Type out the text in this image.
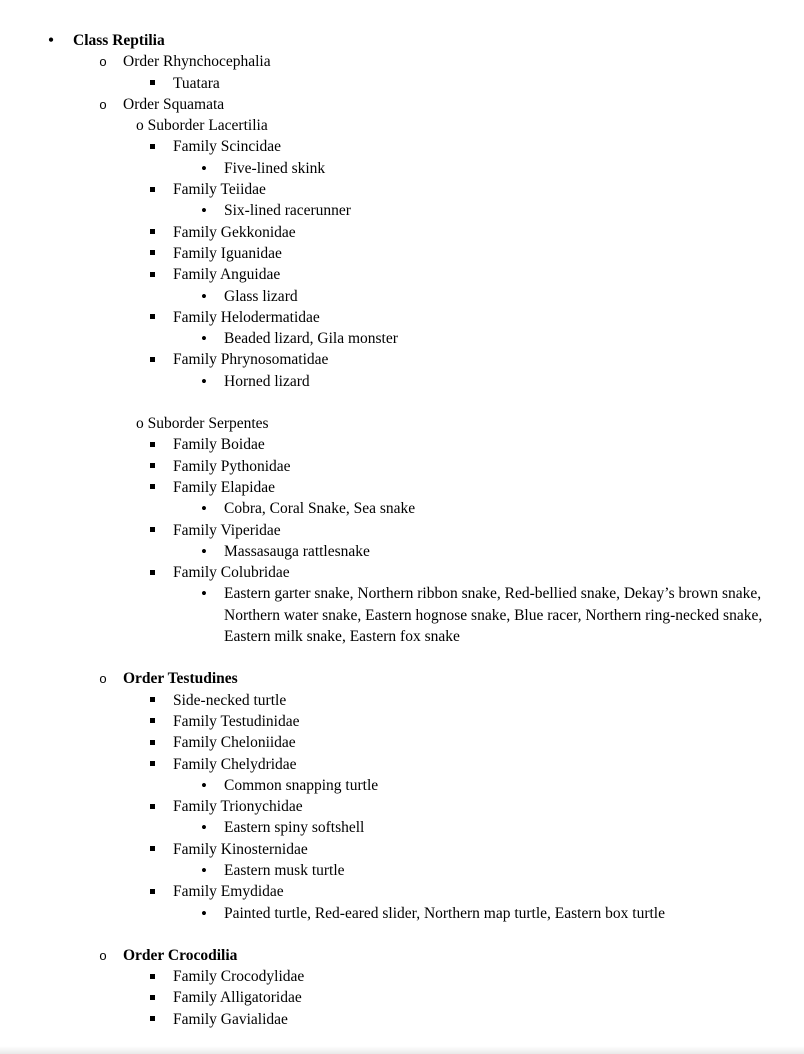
•
Class Reptilia
o
Order Rhynchocephalia
Tuatara
o
Order Squamata
o Suborder Lacertilia
Family Scincidae
•
Five-lined skink
Family Teiidae
•
Six-lined racerunner
Family Gekkonidae
Family Iguanidae
Family Anguidae
•
Glass lizard
Family Helodermatidae
•
Beaded lizard, Gila monster
Family Phrynosomatidae
•
Horned lizard
o Suborder Serpentes
Family Boidae
Family Pythonidae
Family Elapidae
•
Cobra, Coral Snake, Sea snake
Family Viperidae
•
Massasauga rattlesnake
Family Colubridae
•
Eastern garter snake, Northern ribbon snake, Red-bellied snake, Dekay’s brown snake, Northern water snake, Eastern hognose snake, Blue racer, Northern ring-necked snake, Eastern milk snake, Eastern fox snake
o
Order Testudines
Side-necked turtle
Family Testudinidae
Family Cheloniidae
Family Chelydridae
•
Common snapping turtle
Family Trionychidae
•
Eastern spiny softshell
Family Kinosternidae
•
Eastern musk turtle
Family Emydidae
•
Painted turtle, Red-eared slider, Northern map turtle, Eastern box turtle
o
Order Crocodilia
Family Crocodylidae
Family Alligatoridae
Family Gavialidae
